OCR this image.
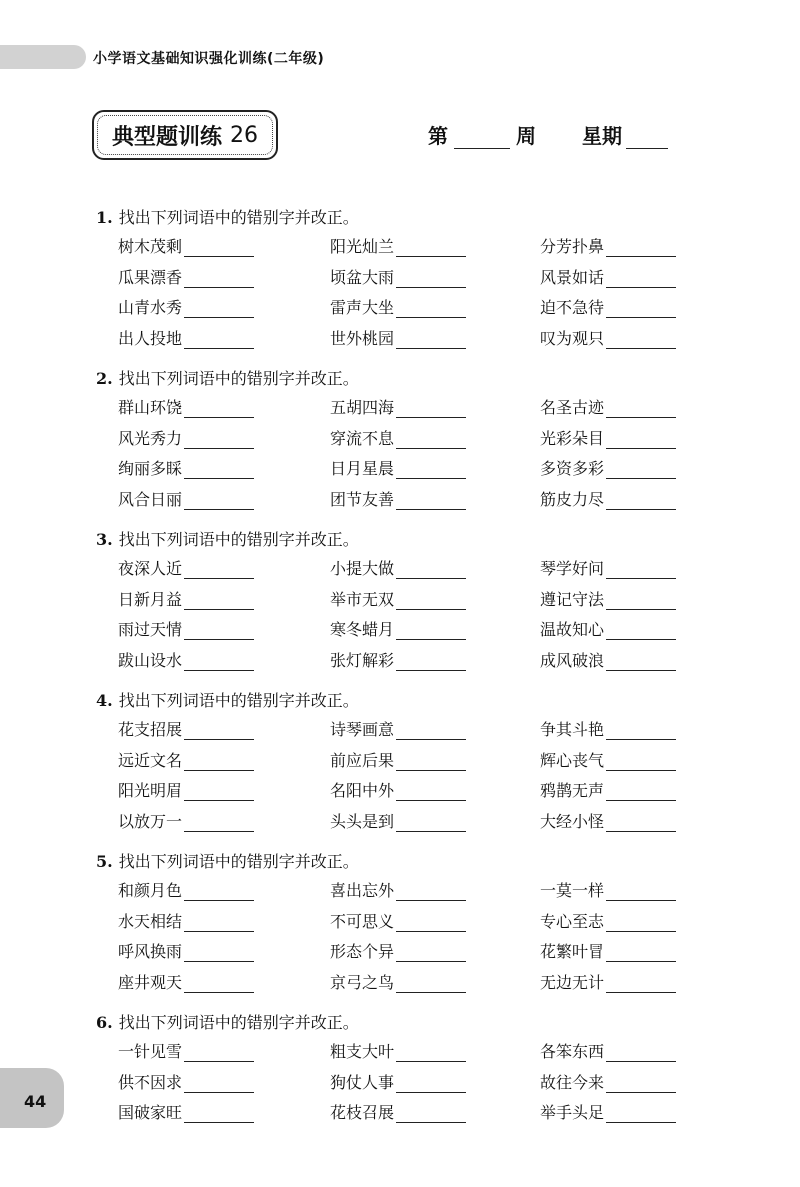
小学语文基础知识强化训练(二年级)
典型题训练 26	第	周 星期
1. 找出下列词语中的错别字并改正。
树木茂剩	阳光灿兰	分芳扑鼻
瓜果漂香	顷盆大雨	风景如话
山青水秀	雷声大坐	迫不急待
出人投地	世外桃园	叹为观只
2. 找出下列词语中的错别字并改正。
群山环饶	五胡四海	名圣古迹
风光秀力	穿流不息	光彩朵目
绚丽多睬	日月星晨	多资多彩
风合日丽	团节友善	筋皮力尽
3. 找出下列词语中的错别字并改正。
夜深人近	小提大做	琴学好问
日新月益	举市无双	遵记守法
雨过天情	寒冬蜡月	温故知心
跋山设水	张灯解彩	成风破浪
4. 找出下列词语中的错别字并改正。
花支招展	诗琴画意	争其斗艳
远近文名	前应后果	辉心丧气
阳光明眉	名阳中外	鸦鹊无声
以放万一	头头是到	大经小怪
5. 找出下列词语中的错别字并改正。
和颜月色	喜出忘外	一莫一样
水天相结	不可思义	专心至志
呼风换雨	形态个异	花繁叶冒
座井观天	京弓之鸟	无边无计
6. 找出下列词语中的错别字并改正。
一针见雪	粗支大叶	各笨东西
供不因求	狗仗人事	故往今来
国破家旺	花枝召展	举手头足
44
